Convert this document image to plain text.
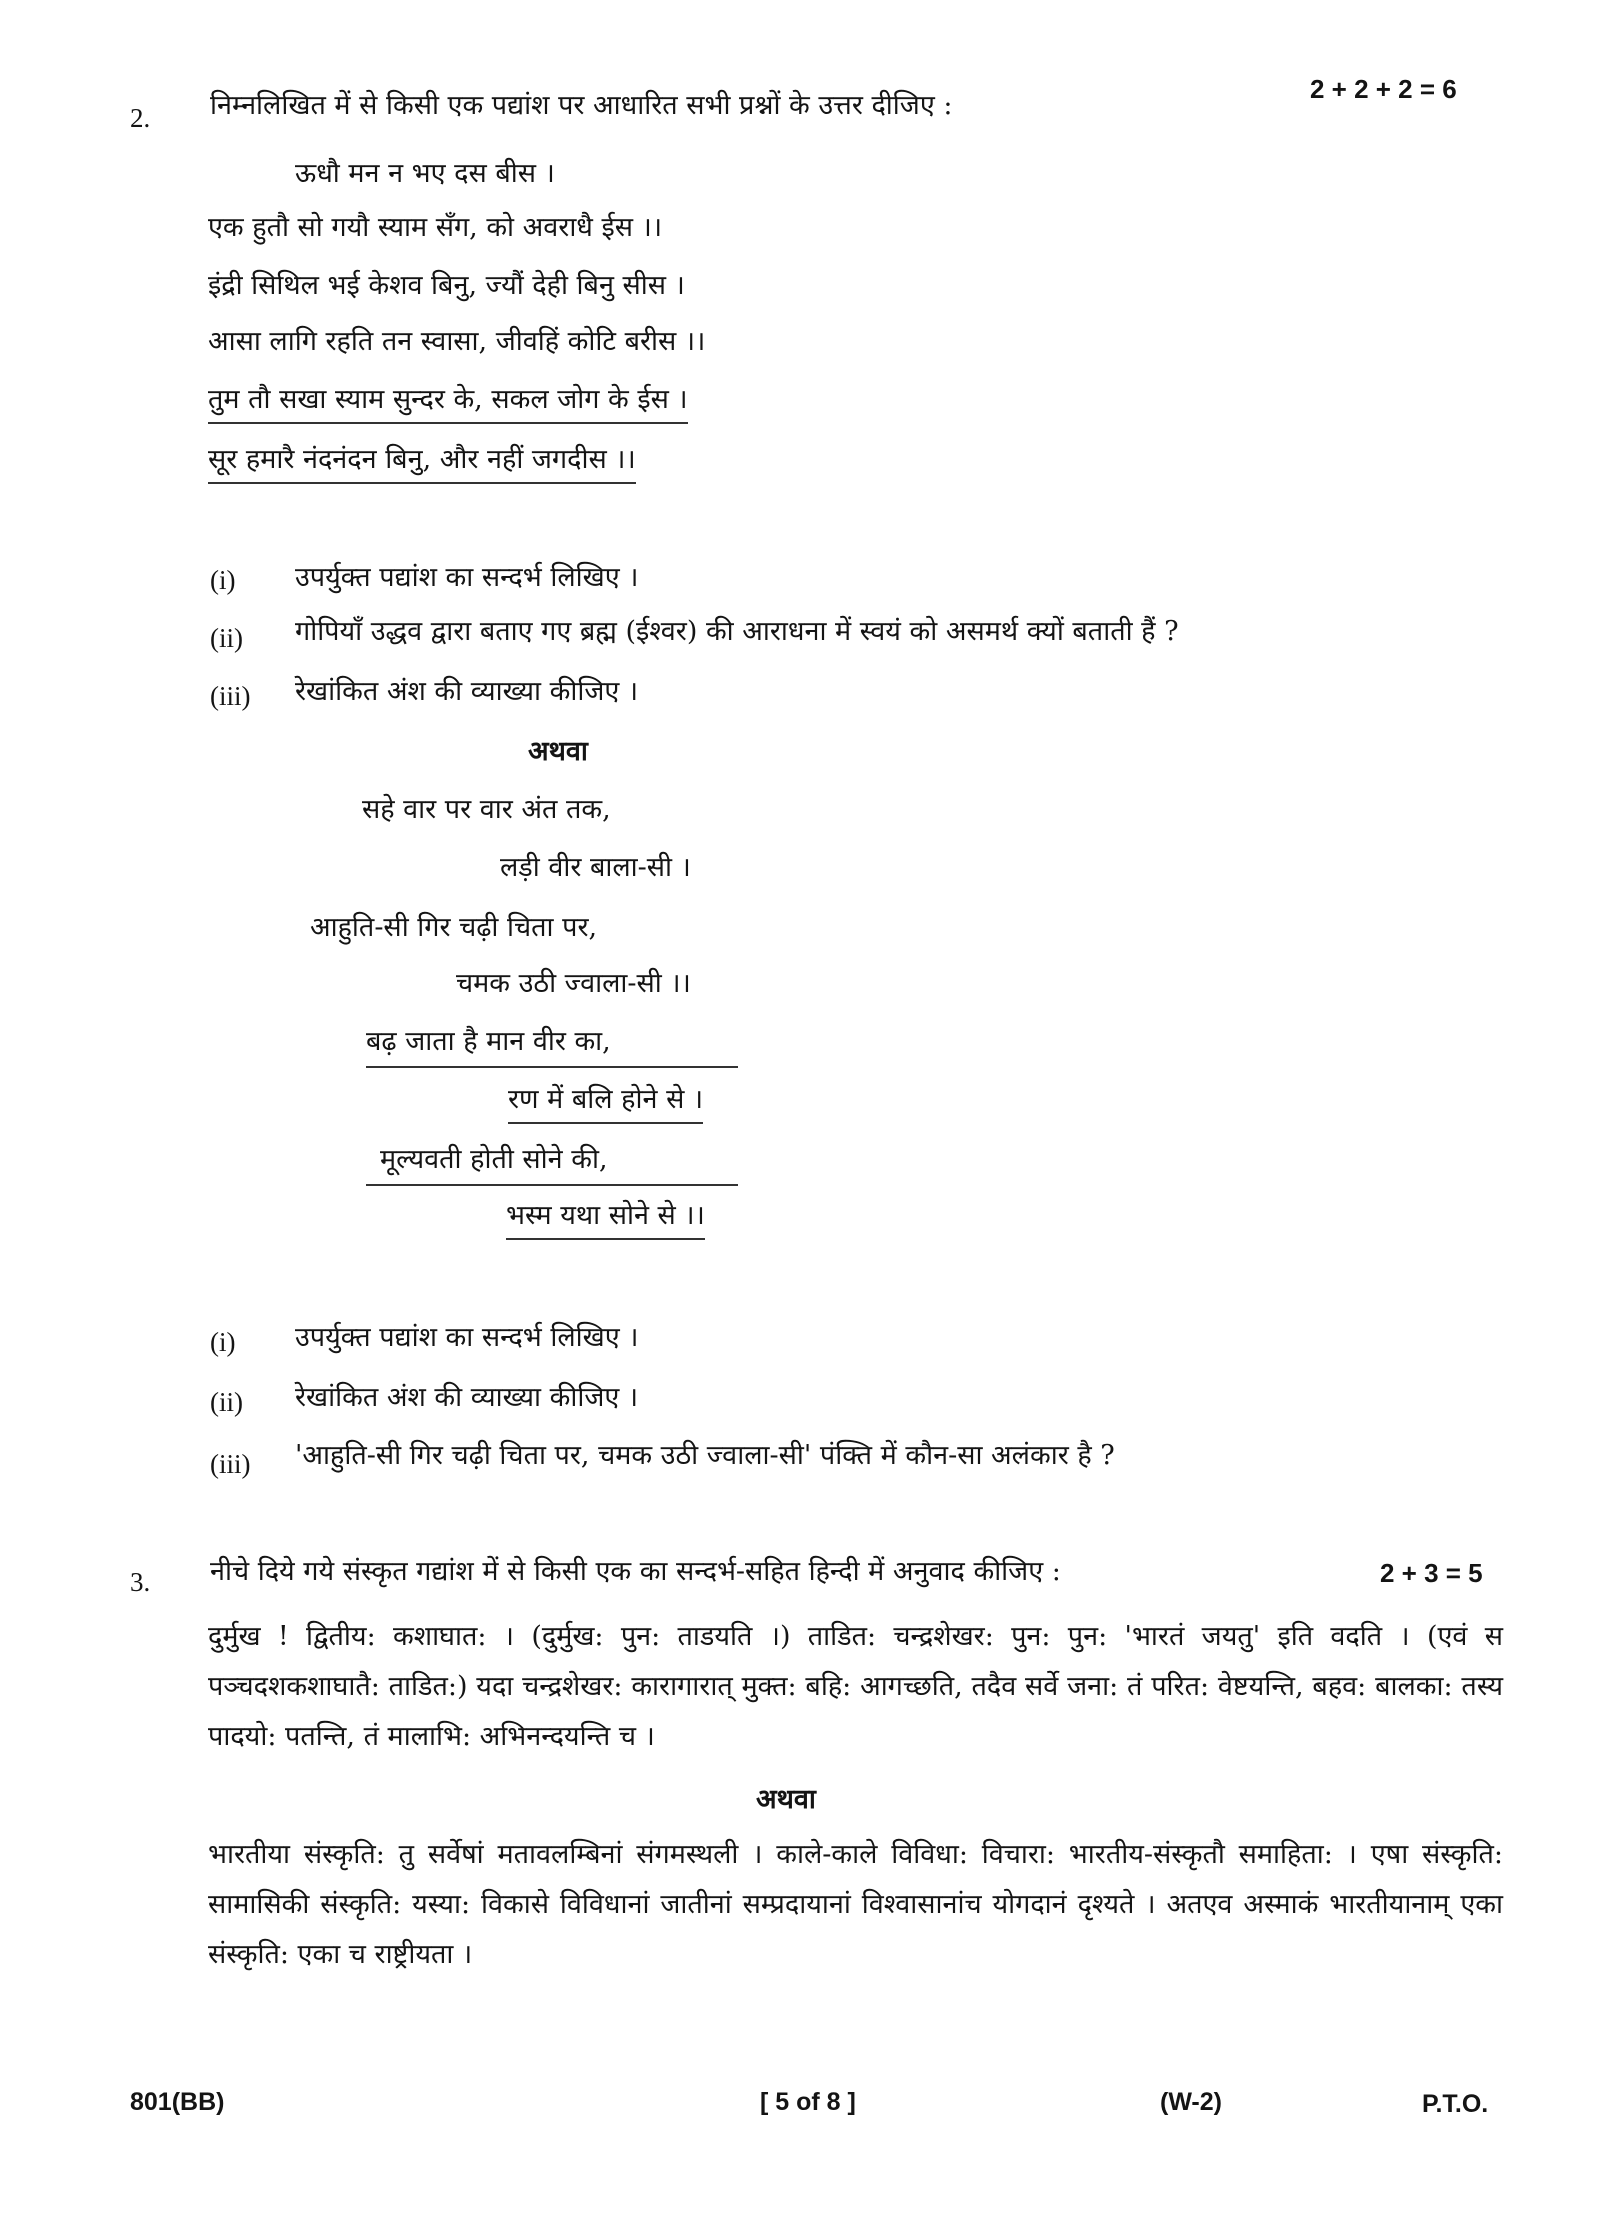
2. निम्नलिखित में से किसी एक पद्यांश पर आधारित सभी प्रश्नों के उत्तर दीजिए :
2 + 2 + 2 = 6
ऊधौ मन न भए दस बीस ।
एक हुतौ सो गयौ स्याम सँग, को अवराधै ईस ।।
इंद्री सिथिल भई केशव बिनु, ज्यौं देही बिनु सीस ।
आसा लागि रहति तन स्वासा, जीवहिं कोटि बरीस ।।
तुम तौ सखा स्याम सुन्दर के, सकल जोग के ईस ।
सूर हमारै नंदनंदन बिनु, और नहीं जगदीस ।।
(i) उपर्युक्त पद्यांश का सन्दर्भ लिखिए ।
(ii) गोपियाँ उद्धव द्वारा बताए गए ब्रह्म (ईश्वर) की आराधना में स्वयं को असमर्थ क्यों बताती हैं ?
(iii) रेखांकित अंश की व्याख्या कीजिए ।
अथवा
सहे वार पर वार अंत तक,
लड़ी वीर बाला-सी ।
आहुति-सी गिर चढ़ी चिता पर,
चमक उठी ज्वाला-सी ।।
बढ़ जाता है मान वीर का,
रण में बलि होने से ।
मूल्यवती होती सोने की,
भस्म यथा सोने से ।।
(i) उपर्युक्त पद्यांश का सन्दर्भ लिखिए ।
(ii) रेखांकित अंश की व्याख्या कीजिए ।
(iii) 'आहुति-सी गिर चढ़ी चिता पर, चमक उठी ज्वाला-सी' पंक्ति में कौन-सा अलंकार है ?
3. नीचे दिये गये संस्कृत गद्यांश में से किसी एक का सन्दर्भ-सहित हिन्दी में अनुवाद कीजिए :	2 + 3 = 5
दुर्मुख ! द्वितीय: कशाघात: । (दुर्मुख: पुन: ताडयति ।) ताडित: चन्द्रशेखर: पुन: पुन: 'भारतं जयतु' इति वदति । (एवं स पञ्चदशकशाघातै: ताडित:) यदा चन्द्रशेखर: कारागारात् मुक्त: बहि: आगच्छति, तदैव सर्वे जना: तं परित: वेष्टयन्ति, बहव: बालका: तस्य पादयो: पतन्ति, तं मालाभि: अभिनन्दयन्ति च ।
अथवा
भारतीया संस्कृति: तु सर्वेषां मतावलम्बिनां संगमस्थली । काले-काले विविधा: विचारा: भारतीय-संस्कृतौ समाहिता: । एषा संस्कृति: सामासिकी संस्कृति: यस्या: विकासे विविधानां जातीनां सम्प्रदायानां विश्वासानांच योगदानं दृश्यते । अतएव अस्माकं भारतीयानाम् एका संस्कृति: एका च राष्ट्रीयता ।
801(BB)	[ 5 of 8 ]	(W-2)	P.T.O.
